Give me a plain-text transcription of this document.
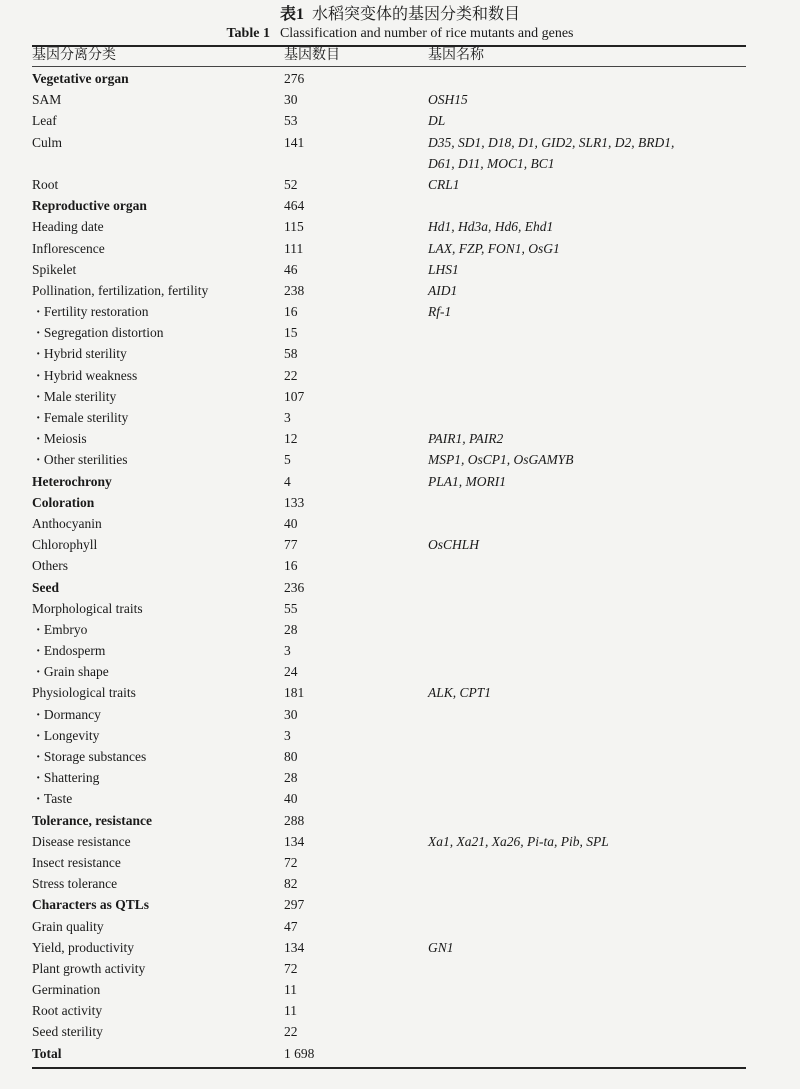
表1 水稻突变体的基因分类和数目

Table 1 Classification and number of rice mutants and genes

基因分离分类	基因数目	基因名称
Vegetative organ	276
SAM	30	OSH15
Leaf	53	DL
Culm	141	D35, SD1, D18, D1, GID2, SLR1, D2, BRD1,
D61, D11, MOC1, BC1
Root	52	CRL1
Reproductive organ	464
Heading date	115	Hd1, Hd3a, Hd6, Ehd1
Inflorescence	111	LAX, FZP, FON1, OsG1
Spikelet	46	LHS1
Pollination, fertilization, fertility	238	AID1
· Fertility restoration	16	Rf-1
· Segregation distortion	15
· Hybrid sterility	58
· Hybrid weakness	22
· Male sterility	107
· Female sterility	3
· Meiosis	12	PAIR1, PAIR2
· Other sterilities	5	MSP1, OsCP1, OsGAMYB
Heterochrony	4	PLA1, MORI1
Coloration	133
Anthocyanin	40
Chlorophyll	77	OsCHLH
Others	16
Seed	236
Morphological traits	55
· Embryo	28
· Endosperm	3
· Grain shape	24
Physiological traits	181	ALK, CPT1
· Dormancy	30
· Longevity	3
· Storage substances	80
· Shattering	28
· Taste	40
Tolerance, resistance	288
Disease resistance	134	Xa1, Xa21, Xa26, Pi-ta, Pib, SPL
Insect resistance	72
Stress tolerance	82
Characters as QTLs	297
Grain quality	47
Yield, productivity	134	GN1
Plant growth activity	72
Germination	11
Root activity	11
Seed sterility	22
Total	1 698
